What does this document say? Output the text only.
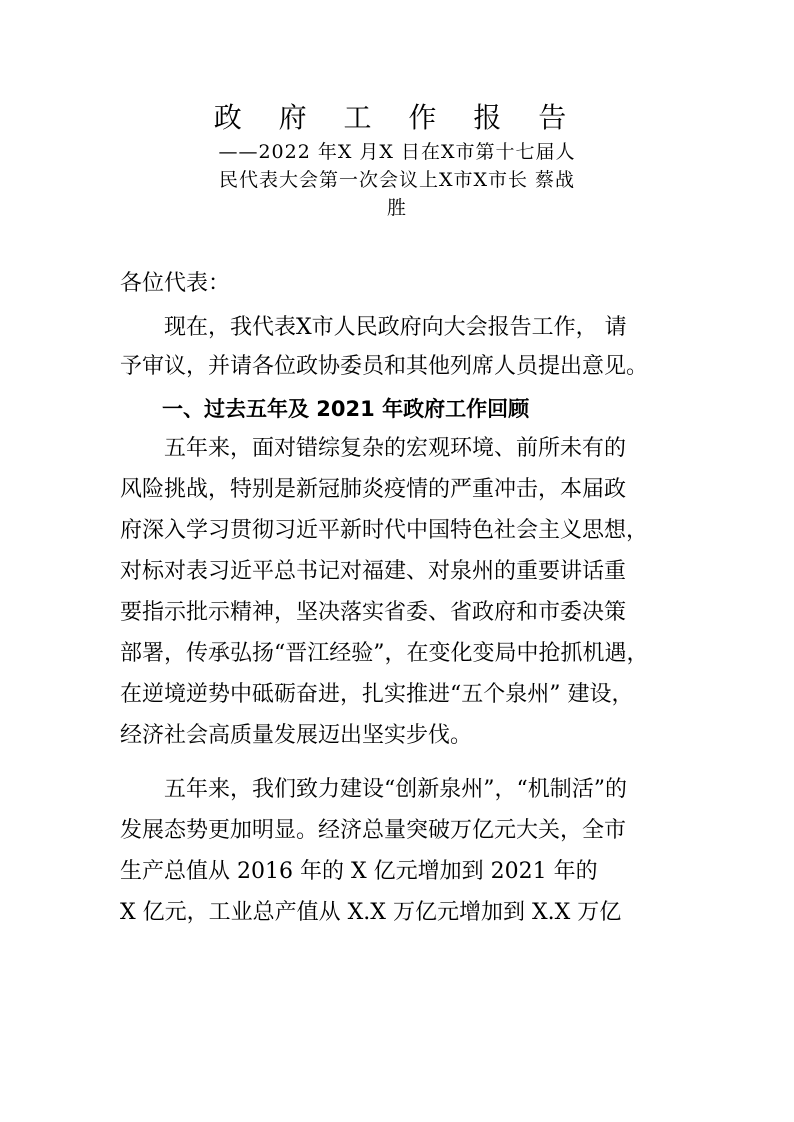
政 府 工 作 报 告
——2022 年X 月X 日在X市第十七届人
民代表大会第一次会议上X市X市长 蔡战
胜
各位代表：
　　现在，我代表X市人民政府向大会报告工作， 请
予审议，并请各位政协委员和其他列席人员提出意见。
　　一、过去五年及 2021 年政府工作回顾
　　五年来，面对错综复杂的宏观环境、前所未有的
风险挑战，特别是新冠肺炎疫情的严重冲击，本届政
府深入学习贯彻习近平新时代中国特色社会主义思想，
对标对表习近平总书记对福建、对泉州的重要讲话重
要指示批示精神，坚决落实省委、省政府和市委决策
部署，传承弘扬“晋江经验”，在变化变局中抢抓机遇，
在逆境逆势中砥砺奋进，扎实推进“五个泉州” 建设，
经济社会高质量发展迈出坚实步伐。
　　五年来，我们致力建设“创新泉州”，“机制活”的
发展态势更加明显。经济总量突破万亿元大关，全市
生产总值从 2016 年的 X 亿元增加到 2021 年的
X 亿元，工业总产值从 X.X 万亿元增加到 X.X 万亿
